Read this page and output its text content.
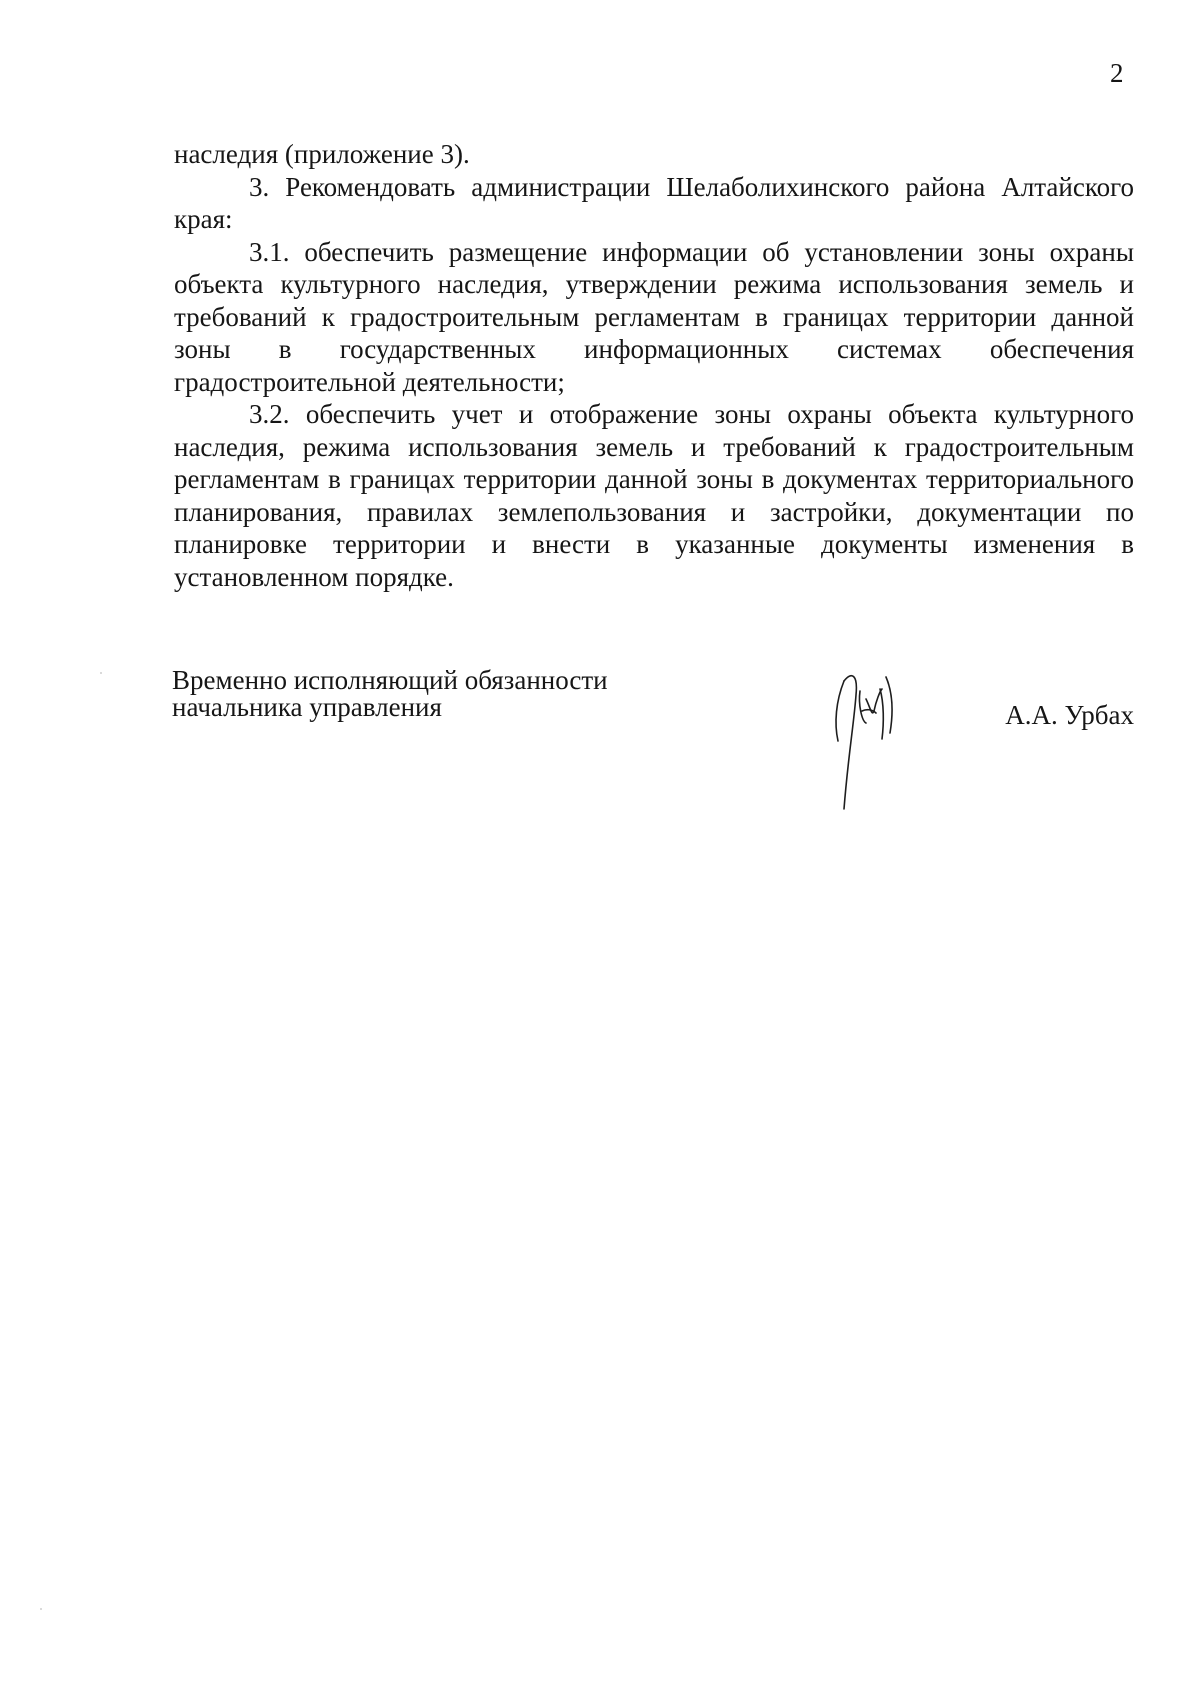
2

наследия (приложение 3).

3. Рекомендовать администрации Шелаболихинского района Алтайского края:

3.1. обеспечить размещение информации об установлении зоны охраны объекта культурного наследия, утверждении режима использования земель и требований к градостроительным регламентам в границах территории данной зоны в государственных информационных системах обеспечения градостроительной деятельности;

3.2. обеспечить учет и отображение зоны охраны объекта культурного наследия, режима использования земель и требований к градостроительным регламентам в границах территории данной зоны в документах территориального планирования, правилах землепользования и застройки, документации по планировке территории и внести в указанные документы изменения в установленном порядке.

Временно исполняющий обязанности
начальника управления	А.А. Урбах
